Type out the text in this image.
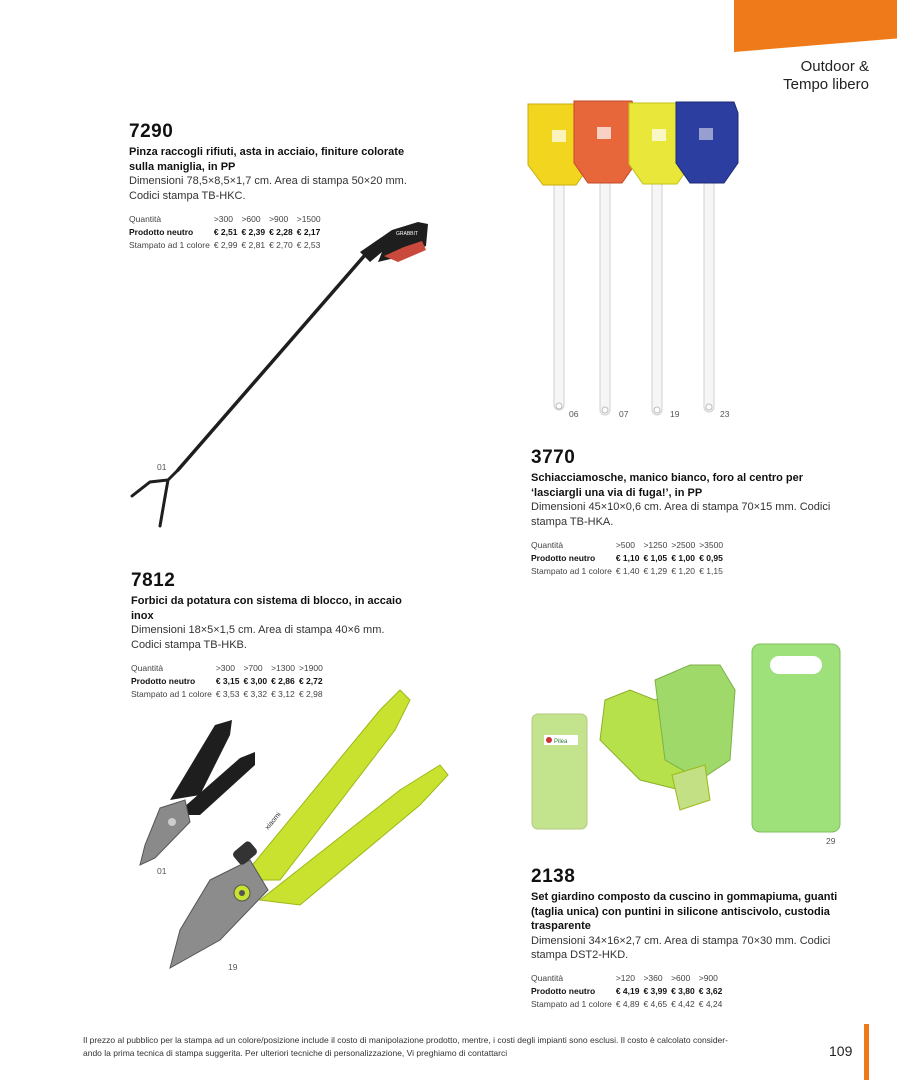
Outdoor &
Tempo libero
7290
Pinza raccogli rifiuti, asta in acciaio, finiture colorate sulla maniglia, in PP
Dimensioni 78,5×8,5×1,7 cm. Area di stampa 50×20 mm. Codici stampa TB-HKC.
Quantità	>300	>600	>900	>1500
Prodotto neutro	€ 2,51	€ 2,39	€ 2,28	€ 2,17
Stampato ad 1 colore	€ 2,99	€ 2,81	€ 2,70	€ 2,53
3770
Schiacciamosche, manico bianco, foro al centro per ‘lasciargli una via di fuga!’, in PP
Dimensioni 45×10×0,6 cm. Area di stampa 70×15 mm. Codici stampa TB-HKA.
Quantità	>500	>1250	>2500	>3500
Prodotto neutro	€ 1,10	€ 1,05	€ 1,00	€ 0,95
Stampato ad 1 colore	€ 1,40	€ 1,29	€ 1,20	€ 1,15
7812
Forbici da potatura con sistema di blocco, in accaio inox
Dimensioni 18×5×1,5 cm. Area di stampa 40×6 mm. Codici stampa TB-HKB.
Quantità	>300	>700	>1300	>1900
Prodotto neutro	€ 3,15	€ 3,00	€ 2,86	€ 2,72
Stampato ad 1 colore	€ 3,53	€ 3,32	€ 3,12	€ 2,98
2138
Set giardino composto da cuscino in gommapiuma, guanti (taglia unica) con puntini in silicone antiscivolo, custodia trasparente
Dimensioni 34×16×2,7 cm. Area di stampa 70×30 mm. Codici stampa DST2-HKD.
Quantità	>120	>360	>600	>900
Prodotto neutro	€ 4,19	€ 3,99	€ 3,80	€ 3,62
Stampato ad 1 colore	€ 4,89	€ 4,65	€ 4,42	€ 4,24
GRABBIT
01
06	07	19	23
xiaomi
01
19
Pilea
29
Il prezzo al pubblico per la stampa ad un colore/posizione include il costo di manipolazione prodotto, mentre, i costi degli impianti sono esclusi. Il costo è calcolato consider-
ando la prima tecnica di stampa suggerita. Per ulteriori tecniche di personalizzazione, Vi preghiamo di contattarci	109
